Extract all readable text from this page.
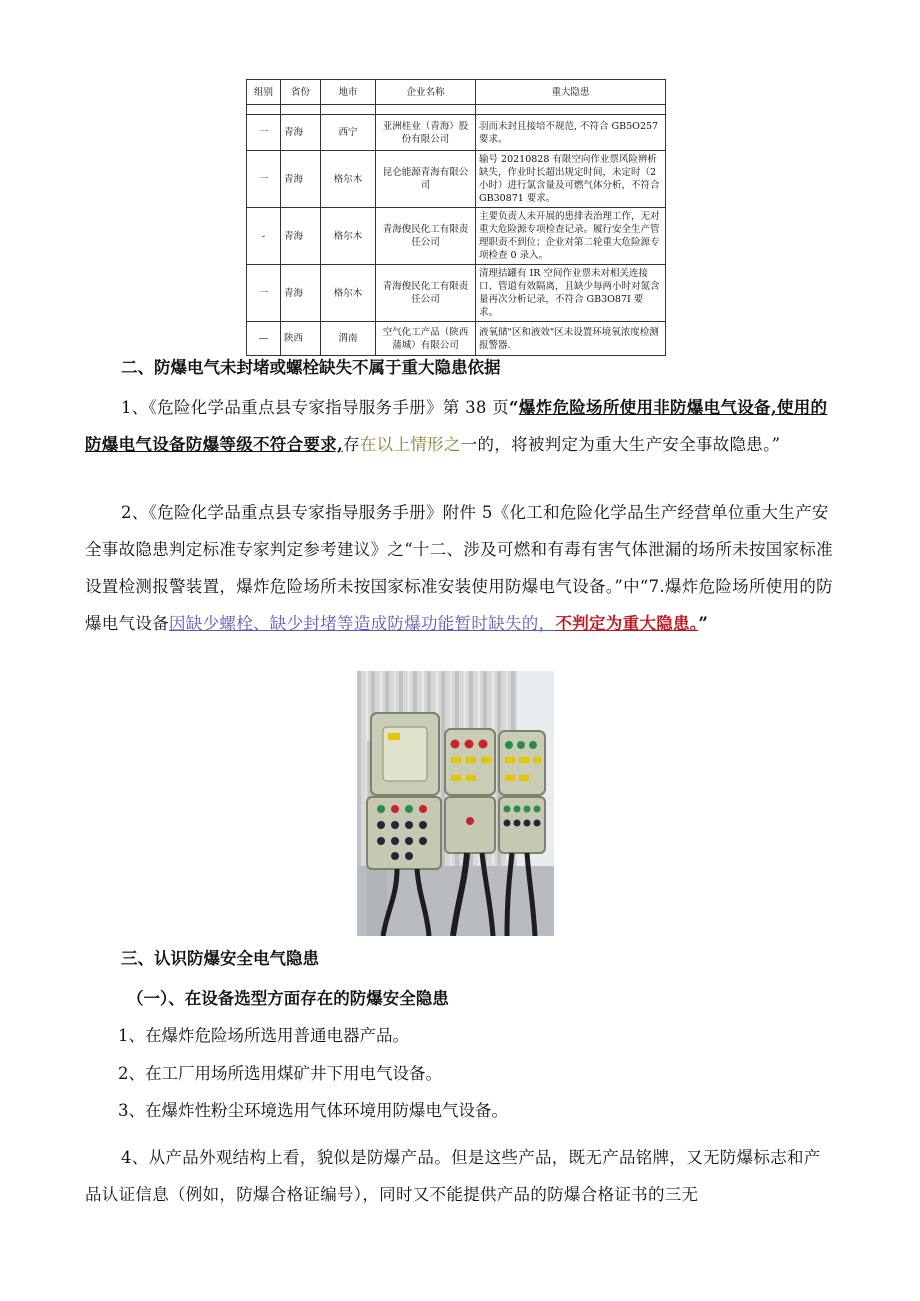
组别	省份	地市	企业名称	重大隐患

一	青海	西宁	亚洲桂业（青海）股份有限公司	羽而未封且接培不规范, 不符合 GB5O257 要求。
一	青海	格尔木	昆仑能源青海有限公司	输号 20210828 有限空向作业票风险辨析缺失，作业时长超出规定时间，未定时（2 小时）进行氯含量及可燃气体分析，不符合 GB30871 要求。
-	青海	格尔木	青海俊民化工有限责任公司	主要负责人未开展的患排表治理工作，无对重大危险源专项检查记录。履行安全生产管理职责不到位；企业对第二轮重大危险源专项检查 0 录入。
一	青海	格尔木	青海俊民化工有限责任公司	清理拮罐有 IR 空间作业票未对相关连接口、管道有效隔离，且缺少每两小时对氮含量再次分析记录，不符合 GB3O87I 要求。
—	陕西	渭南	空气化工产品（陕西蒲城）有限公司	液氧储"区和液效"区未设置环境氧浓度检测报警器.
二、防爆电气未封堵或螺栓缺失不属于重大隐患依据
1、《危险化学品重点县专家指导服务手册》第 38 页“爆炸危险场所使用非防爆电气设备,使用的防爆电气设备防爆等级不符合要求,存在以上情形之一的，将被判定为重大生产安全事故隐患。”
2、《危险化学品重点县专家指导服务手册》附件 5《化工和危险化学品生产经营单位重大生产安全事故隐患判定标准专家判定参考建议》之“十二、涉及可燃和有毒有害气体泄漏的场所未按国家标准设置检测报警装置，爆炸危险场所未按国家标准安装使用防爆电气设备。”中“7.爆炸危险场所使用的防爆电气设备因缺少螺栓、缺少封堵等造成防爆功能暂时缺失的，不判定为重大隐患。”
三、认识防爆安全电气隐患
（一）、在设备选型方面存在的防爆安全隐患
1、在爆炸危险场所选用普通电器产品。
2、在工厂用场所选用煤矿井下用电气设备。
3、在爆炸性粉尘环境选用气体环境用防爆电气设备。
4、从产品外观结构上看，貌似是防爆产品。但是这些产品，既无产品铭牌，又无防爆标志和产品认证信息（例如，防爆合格证编号），同时又不能提供产品的防爆合格证书的三无
